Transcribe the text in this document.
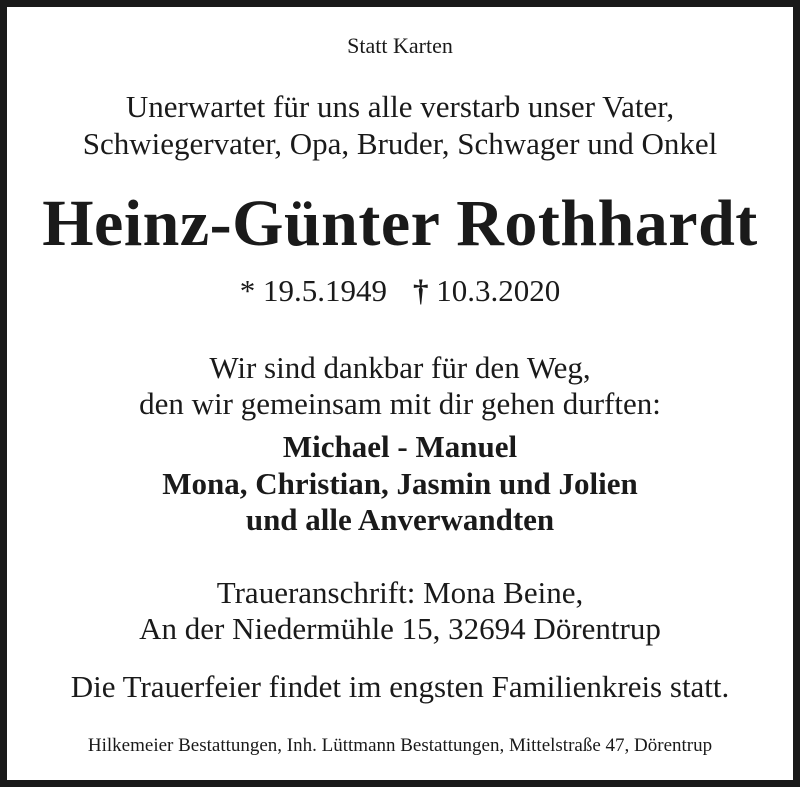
Statt Karten

Unerwartet für uns alle verstarb unser Vater,

Schwiegervater, Opa, Bruder, Schwager und Onkel

Heinz-Günter Rothhardt

* 19.5.1949 † 10.3.2020

Wir sind dankbar für den Weg,

den wir gemeinsam mit dir gehen durften:

Michael - Manuel

Mona, Christian, Jasmin und Jolien

und alle Anverwandten

Traueranschrift: Mona Beine,

An der Niedermühle 15, 32694 Dörentrup

Die Trauerfeier findet im engsten Familienkreis statt.

Hilkemeier Bestattungen, Inh. Lüttmann Bestattungen, Mittelstraße 47, Dörentrup
